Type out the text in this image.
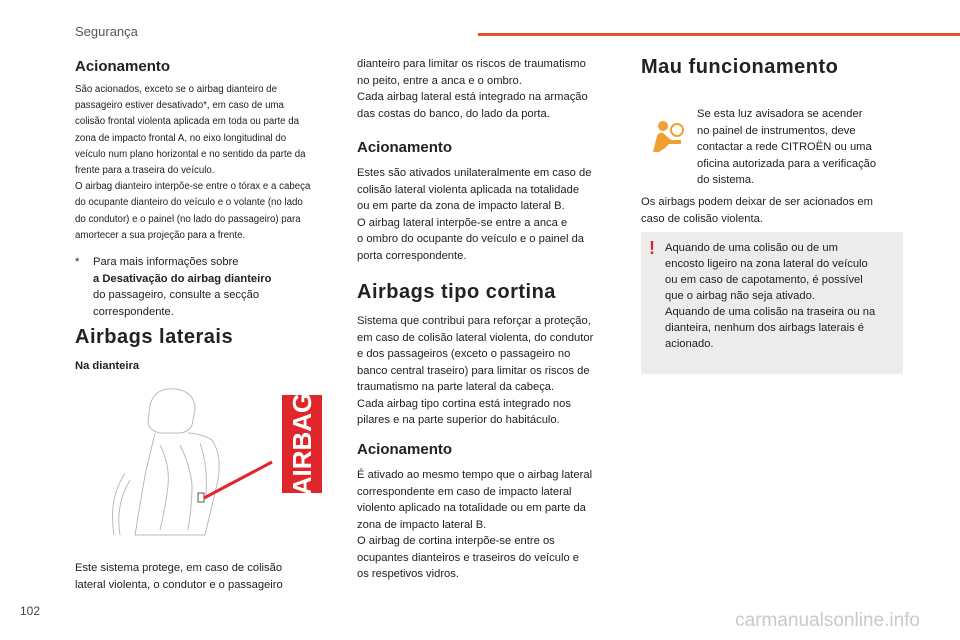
Segurança
Acionamento
São acionados, exceto se o airbag dianteiro de
passageiro estiver desativado*, em caso de uma
colisão frontal violenta aplicada em toda ou parte da
zona de impacto frontal A, no eixo longitudinal do
veículo num plano horizontal e no sentido da parte da
frente para a traseira do veículo.
O airbag dianteiro interpõe-se entre o tórax e a cabeça
do ocupante dianteiro do veículo e o volante (no lado
do condutor) e o painel (no lado do passageiro) para
amortecer a sua projeção para a frente.
* Para mais informações sobre
a Desativação do airbag dianteiro
do passageiro, consulte a secção
correspondente.
Airbags laterais
Na dianteira
AIRBAG
Este sistema protege, em caso de colisão
lateral violenta, o condutor e o passageiro
dianteiro para limitar os riscos de traumatismo
no peito, entre a anca e o ombro.
Cada airbag lateral está integrado na armação
das costas do banco, do lado da porta.
Acionamento
Estes são ativados unilateralmente em caso de
colisão lateral violenta aplicada na totalidade
ou em parte da zona de impacto lateral B.
O airbag lateral interpõe-se entre a anca e
o ombro do ocupante do veículo e o painel da
porta correspondente.
Airbags tipo cortina
Sistema que contribui para reforçar a proteção,
em caso de colisão lateral violenta, do condutor
e dos passageiros (exceto o passageiro no
banco central traseiro) para limitar os riscos de
traumatismo na parte lateral da cabeça.
Cada airbag tipo cortina está integrado nos
pilares e na parte superior do habitáculo.
Acionamento
É ativado ao mesmo tempo que o airbag lateral
correspondente em caso de impacto lateral
violento aplicado na totalidade ou em parte da
zona de impacto lateral B.
O airbag de cortina interpõe-se entre os
ocupantes dianteiros e traseiros do veículo e
os respetivos vidros.
Mau funcionamento
Se esta luz avisadora se acender
no painel de instrumentos, deve
contactar a rede CITROËN ou uma
oficina autorizada para a verificação
do sistema.
Os airbags podem deixar de ser acionados em
caso de colisão violenta.
! Aquando de uma colisão ou de um
encosto ligeiro na zona lateral do veículo
ou em caso de capotamento, é possível
que o airbag não seja ativado.
Aquando de uma colisão na traseira ou na
dianteira, nenhum dos airbags laterais é
acionado.
102	carmanualsonline.info
